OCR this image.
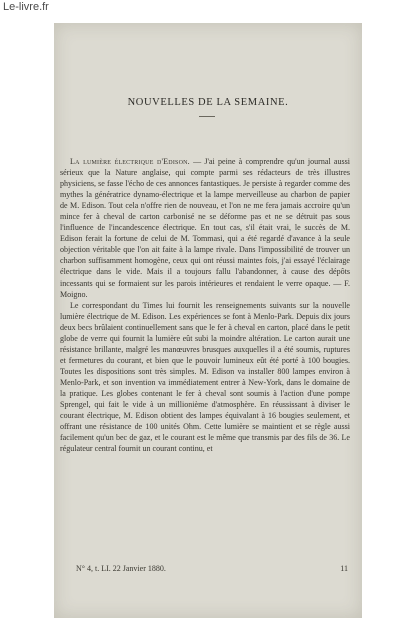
Le-livre.fr
NOUVELLES DE LA SEMAINE.

La lumière électrique d'Edison. — J'ai peine à comprendre qu'un journal aussi sérieux que la Nature anglaise, qui compte parmi ses rédacteurs de très illustres physiciens, se fasse l'écho de ces annonces fantastiques. Je persiste à regarder comme des mythes la génératrice dynamo-électrique et la lampe merveilleuse au charbon de papier de M. Edison. Tout cela n'offre rien de nouveau, et l'on ne me fera jamais accroire qu'un mince fer à cheval de carton carbonisé ne se déforme pas et ne se détruit pas sous l'influence de l'incandescence électrique. En tout cas, s'il était vrai, le succès de M. Edison ferait la fortune de celui de M. Tommasi, qui a été regardé d'avance à la seule objection véritable que l'on ait faite à la lampe rivale. Dans l'impossibilité de trouver un charbon suffisamment homogène, ceux qui ont réussi maintes fois, j'ai essayé l'éclairage électrique dans le vide. Mais il a toujours fallu l'abandonner, à cause des dépôts incessants qui se formaient sur les parois intérieures et rendaient le verre opaque. — F. Moigno.

Le correspondant du Times lui fournit les renseignements suivants sur la nouvelle lumière électrique de M. Edison. Les expériences se font à Menlo-Park. Depuis dix jours deux becs brûlaient continuellement sans que le fer à cheval en carton, placé dans le petit globe de verre qui fournit la lumière eût subi la moindre altération. Le carton aurait une résistance brillante, malgré les manœuvres brusques auxquelles il a été soumis, ruptures et fermetures du courant, et bien que le pouvoir lumineux eût été porté à 100 bougies. Toutes les dispositions sont très simples. M. Edison va installer 800 lampes environ à Menlo-Park, et son invention va immédiatement entrer à New-York, dans le domaine de la pratique. Les globes contenant le fer à cheval sont soumis à l'action d'une pompe Sprengel, qui fait le vide à un millionième d'atmosphère. En réussissant à diviser le courant électrique, M. Edison obtient des lampes équivalant à 16 bougies seulement, et offrant une résistance de 100 unités Ohm. Cette lumière se maintient et se règle aussi facilement qu'un bec de gaz, et le courant est le même que transmis par des fils de 36. Le régulateur central fournit un courant continu, et

N° 4, t. LI. 22 Janvier 1880.	11
